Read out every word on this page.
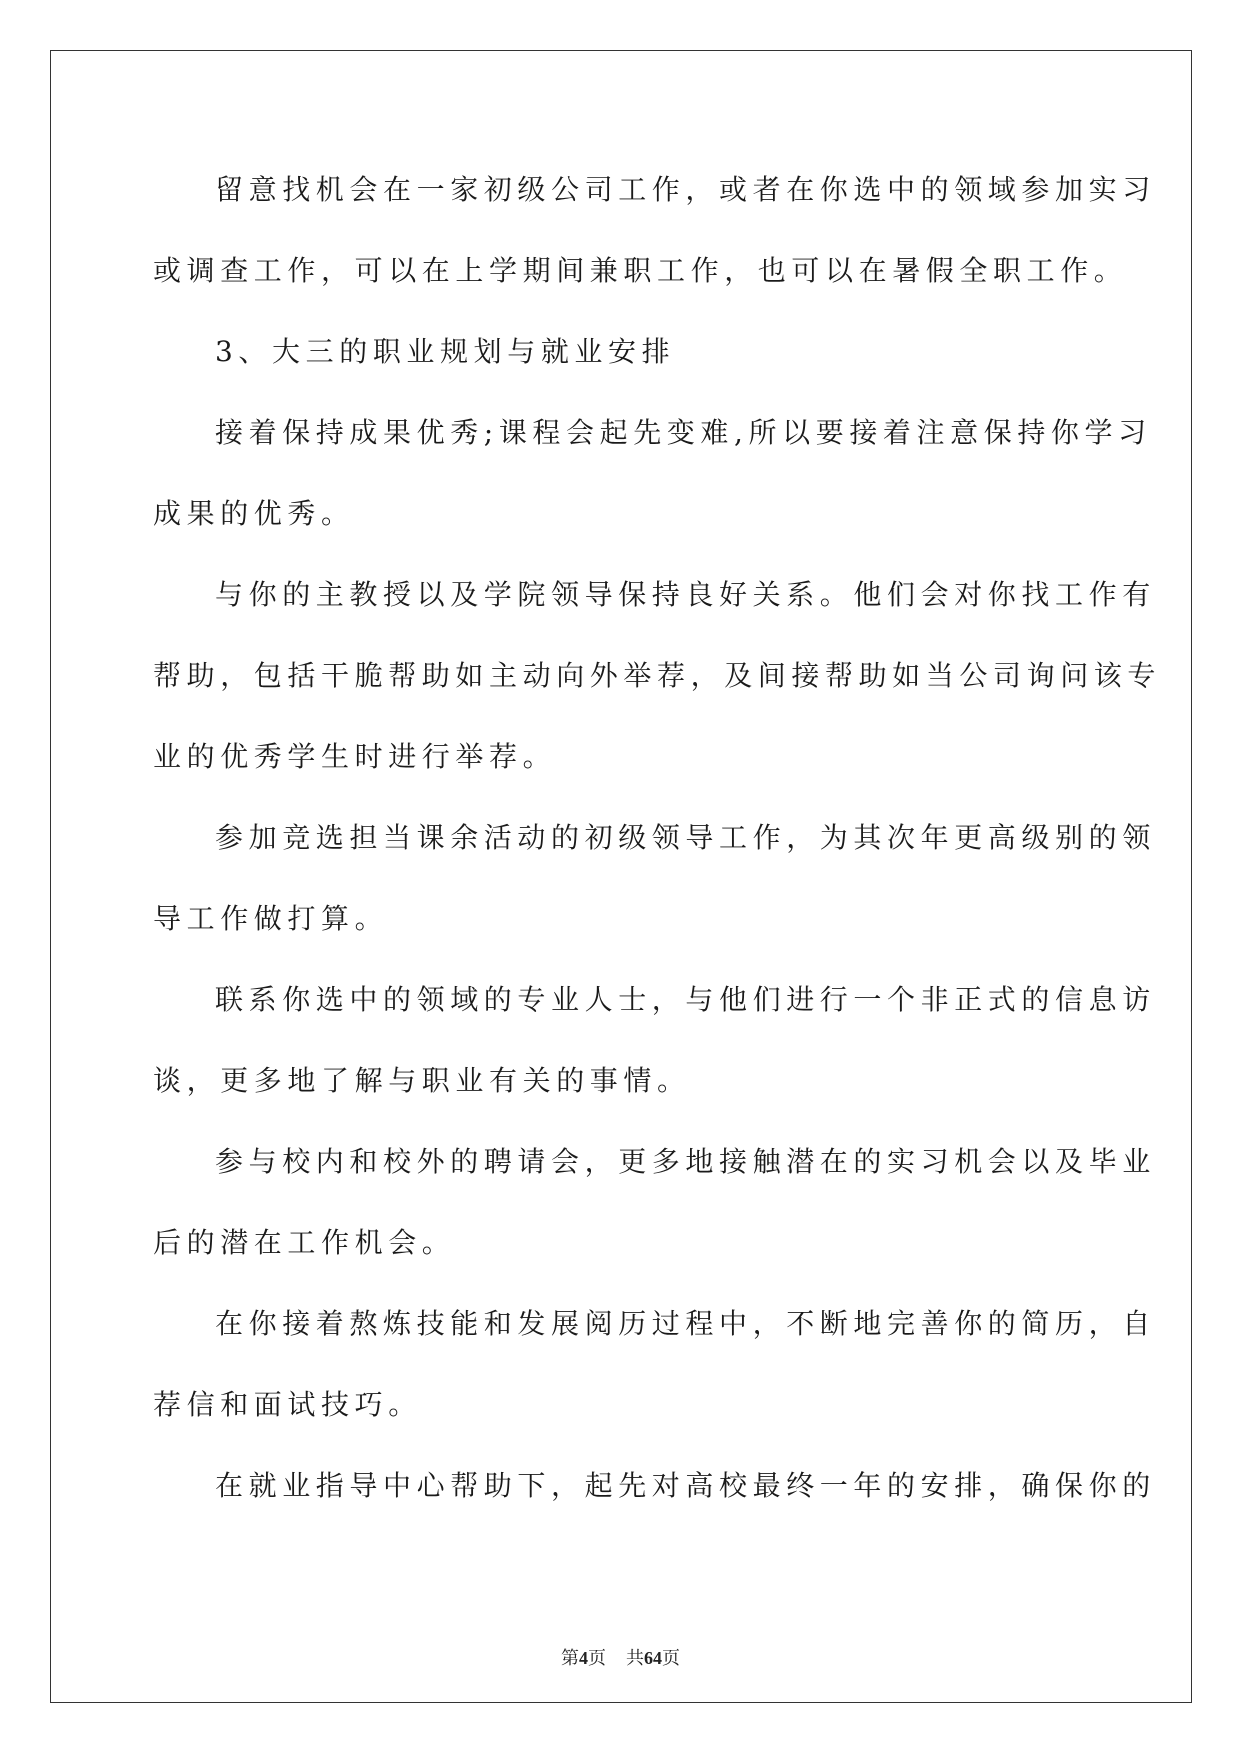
留意找机会在一家初级公司工作，或者在你选中的领域参加实习
或调查工作，可以在上学期间兼职工作，也可以在暑假全职工作。
3、大三的职业规划与就业安排
接着保持成果优秀;课程会起先变难,所以要接着注意保持你学习
成果的优秀。
与你的主教授以及学院领导保持良好关系。他们会对你找工作有
帮助，包括干脆帮助如主动向外举荐，及间接帮助如当公司询问该专
业的优秀学生时进行举荐。
参加竞选担当课余活动的初级领导工作，为其次年更高级别的领
导工作做打算。
联系你选中的领域的专业人士，与他们进行一个非正式的信息访
谈，更多地了解与职业有关的事情。
参与校内和校外的聘请会，更多地接触潜在的实习机会以及毕业
后的潜在工作机会。
在你接着熬炼技能和发展阅历过程中，不断地完善你的简历，自
荐信和面试技巧。
在就业指导中心帮助下，起先对高校最终一年的安排，确保你的
第4页 共64页
